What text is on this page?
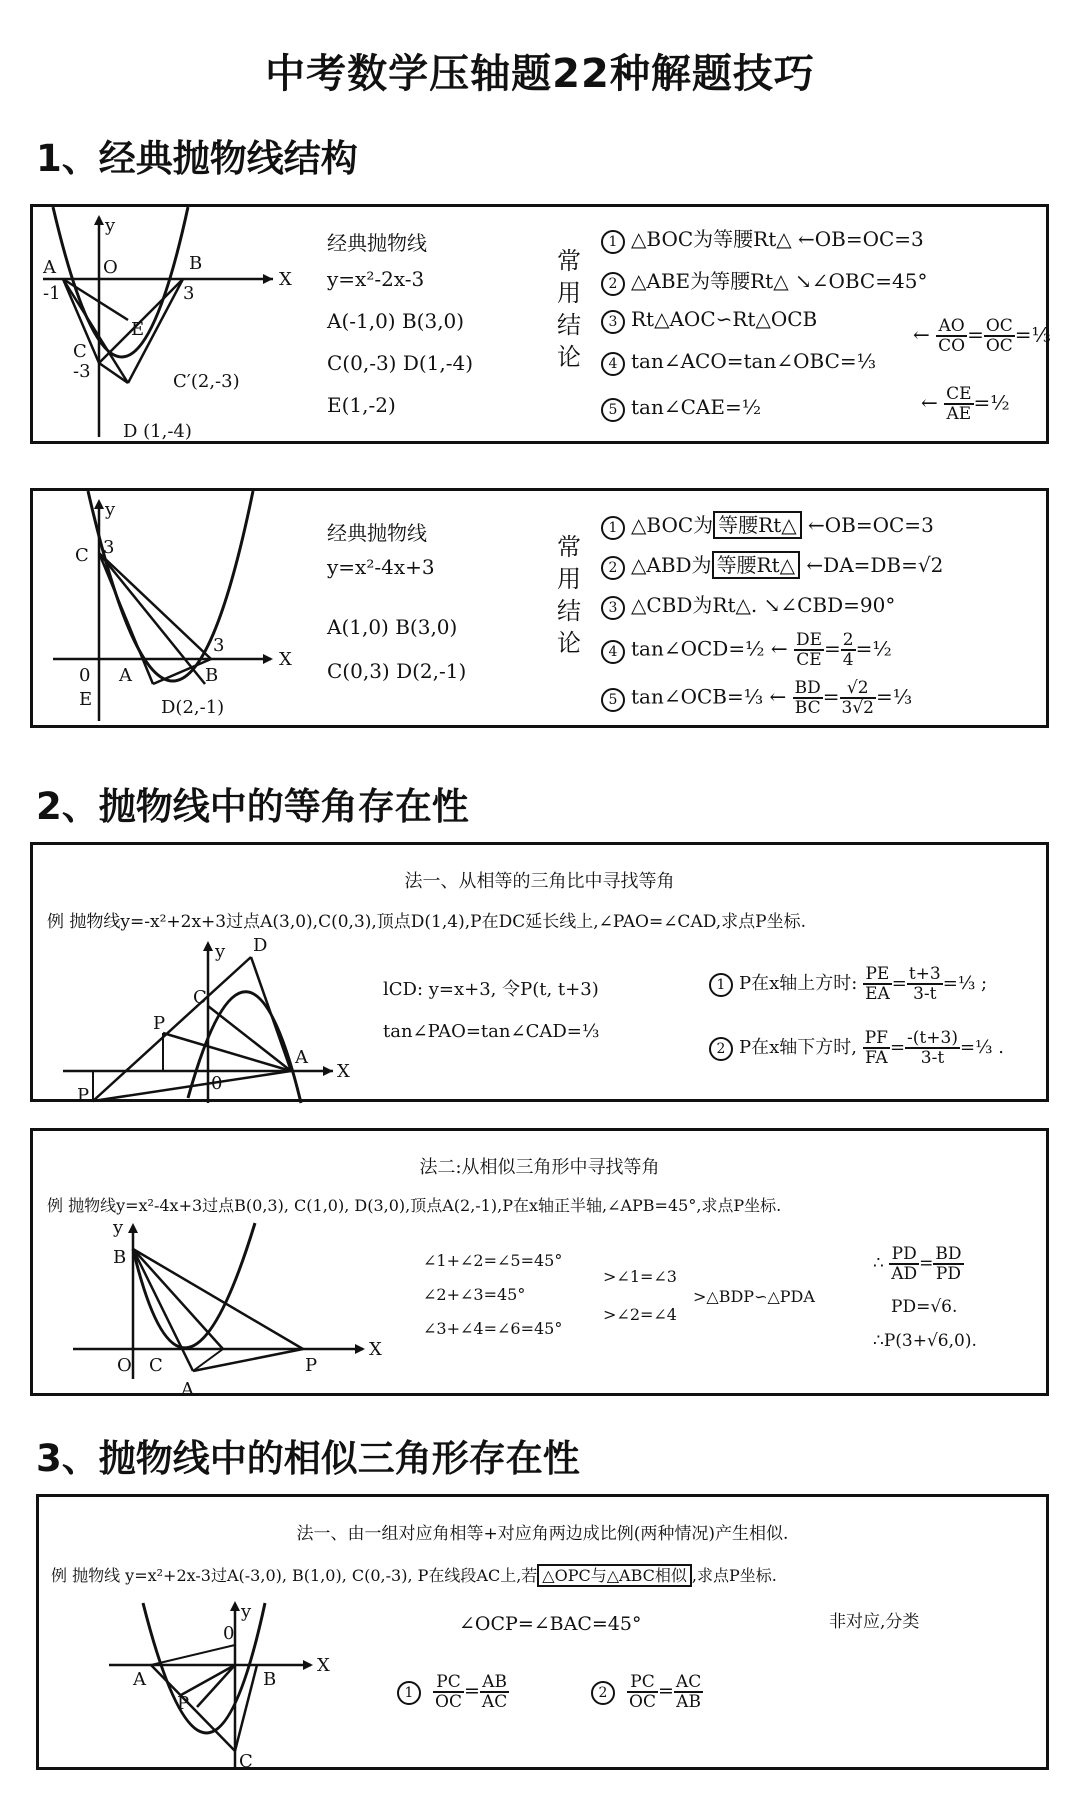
中考数学压轴题22种解题技巧
1、经典抛物线结构
y
X
O
A	B
-1	3
C
-3
E
D (1,-4)
C′(2,-3)
经典抛物线
y=x²-2x-3
A(-1,0) B(3,0)
C(0,-3) D(1,-4)
E(1,-2)
常
用
结
论
1 △BOC为等腰Rt△ ←OB=OC=3
2 △ABE为等腰Rt△ ↘∠OBC=45°
3 Rt△AOC∽Rt△OCB
4 tan∠ACO=tan∠OBC=⅓
5 tan∠CAE=½
← $\frac{AO}{CO} = \frac{OC}{OC}$ =⅓
← $\frac{CE}{AE}$ =½
y
X
C 3
0
E
A	B
3
D(2,-1)
经典抛物线
y=x²-4x+3
A(1,0) B(3,0)
C(0,3) D(2,-1)
常
用
结
论
1 △BOC为 等腰Rt△ ←OB=OC=3
2 △ABD为 等腰Rt△ ←DA=DB=√2
3 △CBD为Rt△. ↘∠CBD=90°
4 tan∠OCD=½ ← $\frac{DE}{CE} = \frac{2}{4}$ =½
5 tan∠OCB=⅓ ← $\frac{BD}{BC} = \frac{√2}{3√2}$ =⅓
2、抛物线中的等角存在性
法一、从相等的三角比中寻找等角
例 抛物线y=-x²+2x+3过点A(3,0),C(0,3),顶点D(1,4),P在DC延长线上,∠PAO=∠CAD,求点P坐标.
y
X
C
D
P
A
0
P
lCD: y=x+3, 令P(t, t+3)
tan∠PAO=tan∠CAD=⅓
1 P在x轴上方时: $\frac{PE}{EA} = \frac{t+3}{3-t}$ =⅓ ;
2 P在x轴下方时, $\frac{PF}{FA} = \frac{-(t+3)}{3-t}$ =⅓ .
法二:从相似三角形中寻找等角
例 抛物线y=x²-4x+3过点B(0,3), C(1,0), D(3,0),顶点A(2,-1),P在x轴正半轴,∠APB=45°,求点P坐标.
y
X
B
O C
A
P
∠1+∠2=∠5=45°
∠2+∠3=45°
∠3+∠4=∠6=45°
>∠1=∠3
>∠2=∠4
>△BDP∽△PDA
∴ $\frac{PD}{AD} = \frac{BD}{PD}$
PD=√6.
∴P(3+√6,0).
3、抛物线中的相似三角形存在性
法一、由一组对应角相等+对应角两边成比例(两种情况)产生相似.
例 抛物线 y=x²+2x-3过A(-3,0), B(1,0), C(0,-3), P在线段AC上,若 △OPC与△ABC相似 ,求点P坐标.
非对应,分类
y
X
0
A	B
P
C
∠OCP=∠BAC=45°
$1 \frac{PC}{OC} = \frac{AB}{AC}$	$2 \frac{PC}{OC} = \frac{AC}{AB}$
